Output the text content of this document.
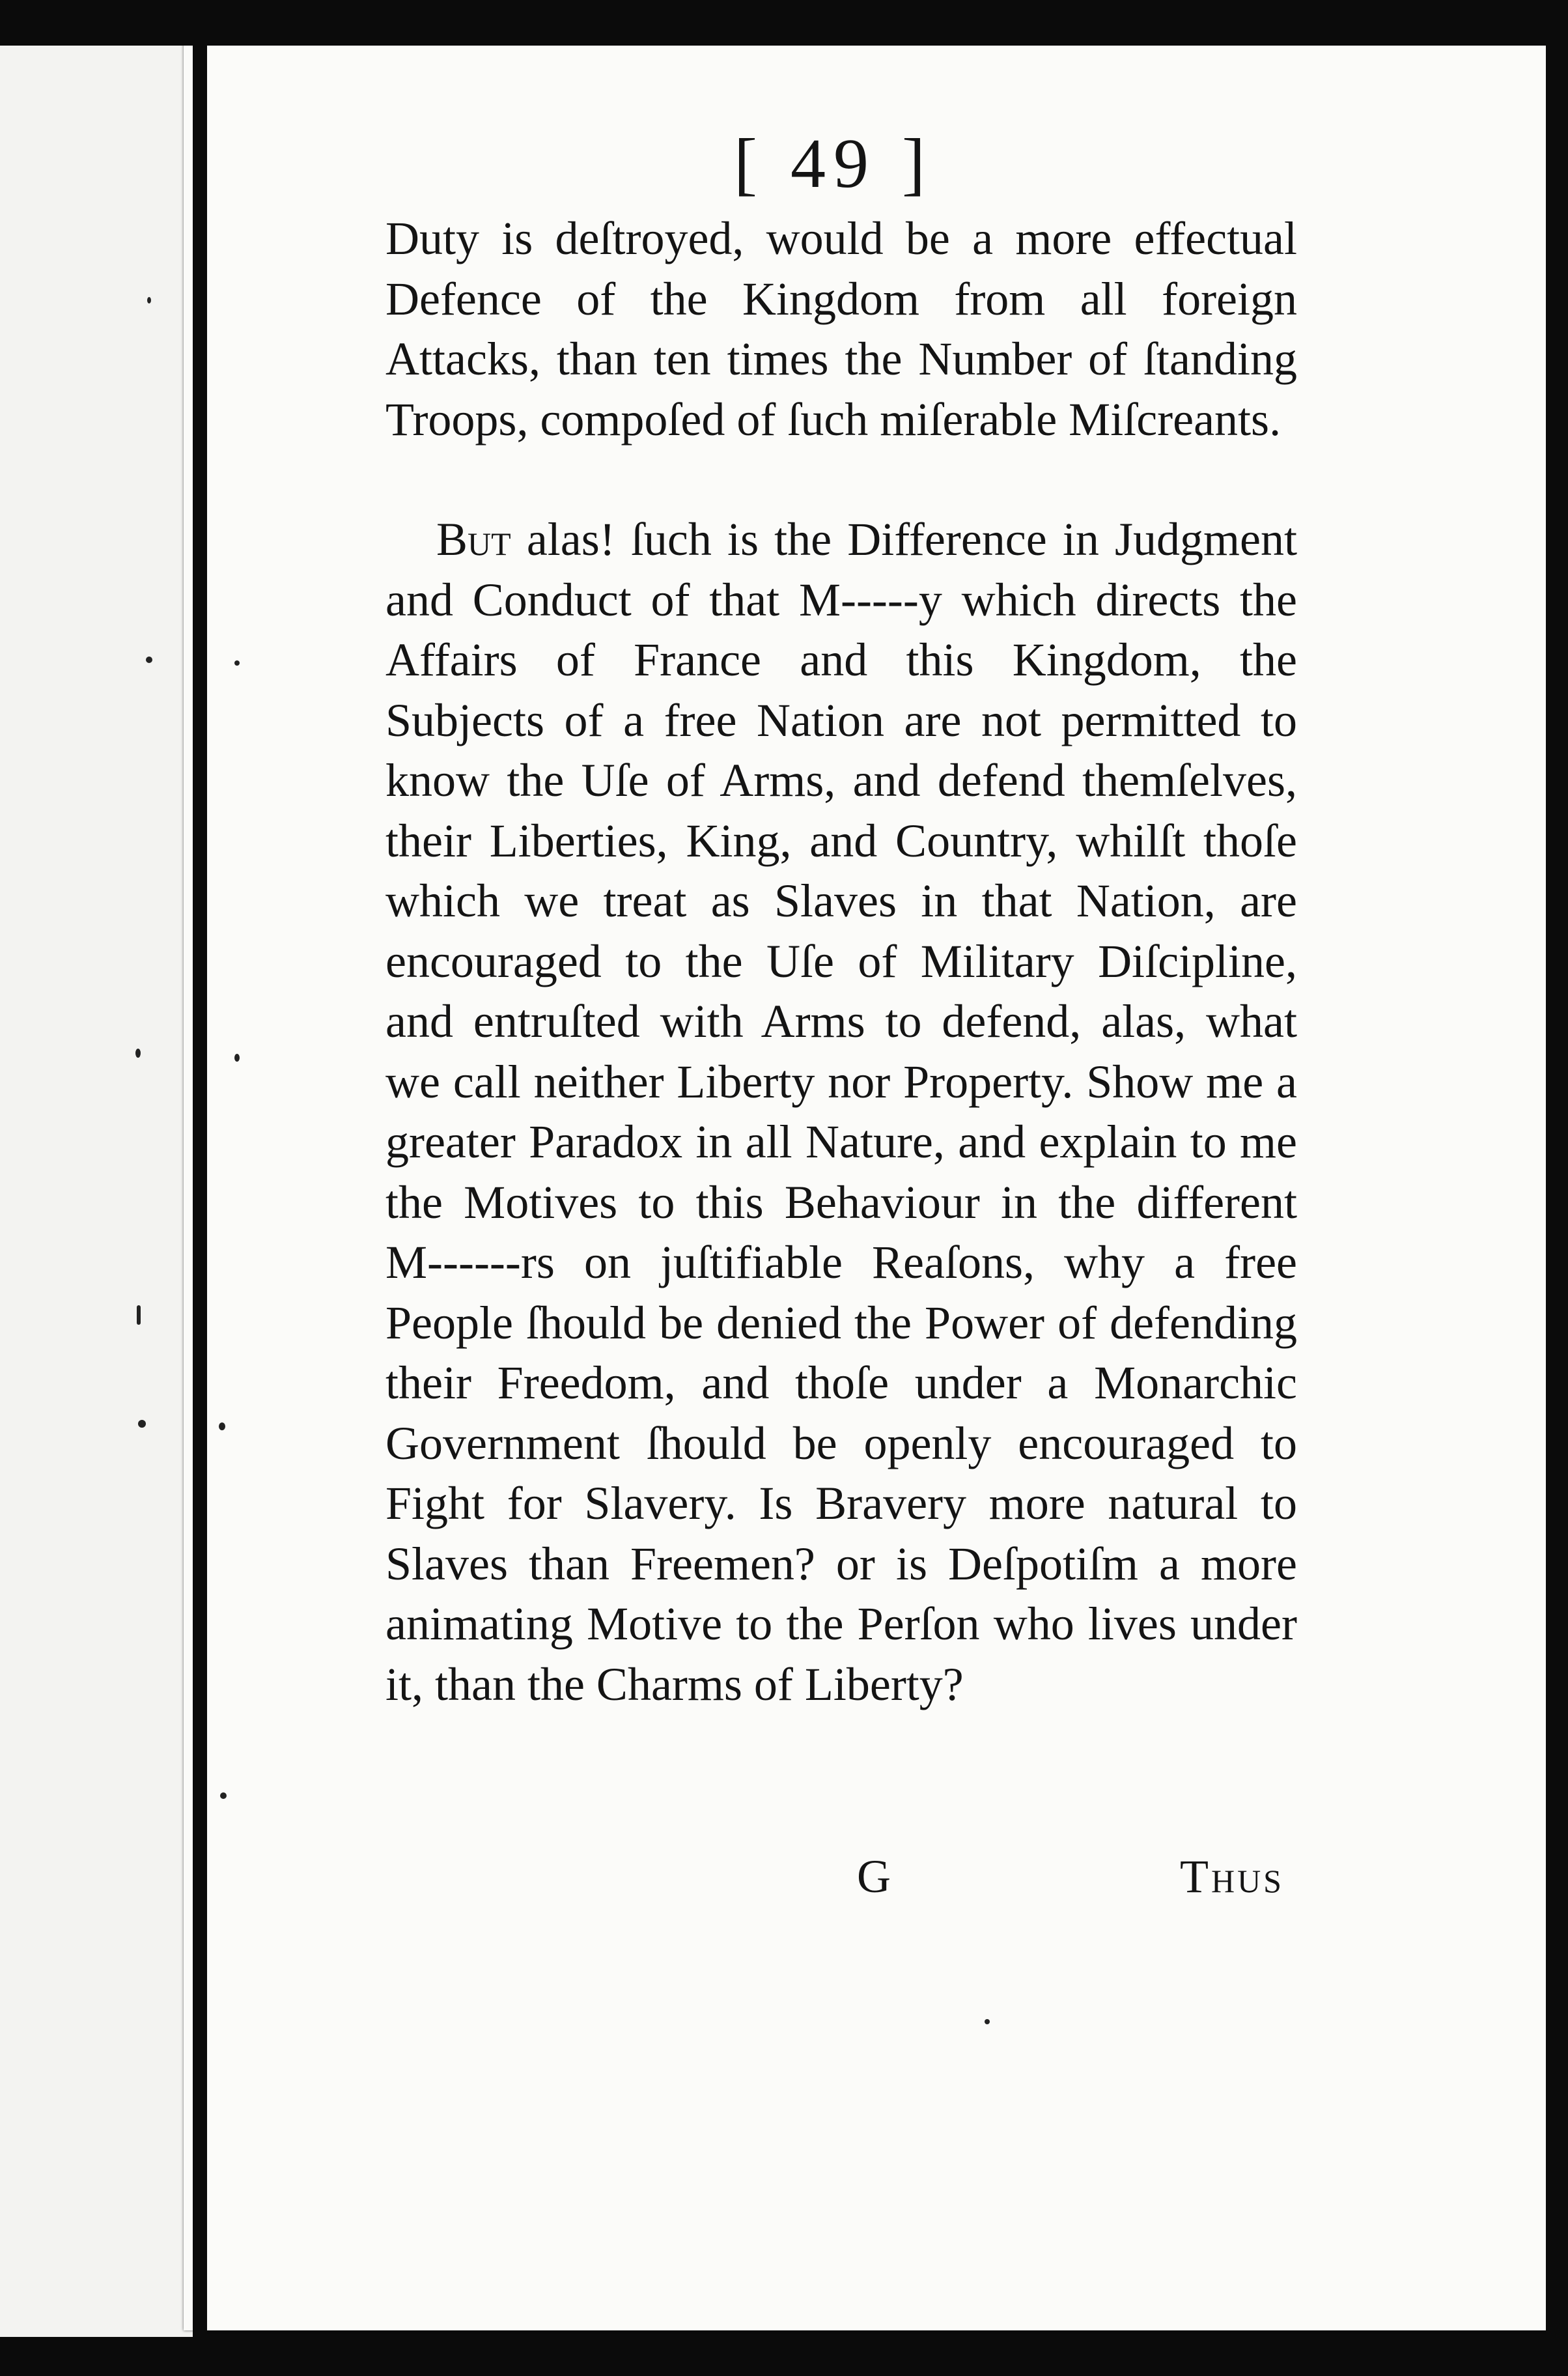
[ 49 ]

Duty is deſtroyed, would be a more effectual Defence of the Kingdom from all foreign Attacks, than ten times the Number of ſtanding Troops, compoſed of ſuch miſerable Miſcreants.

But alas! ſuch is the Difference in Judgment and Conduct of that M-----y which directs the Affairs of France and this Kingdom, the Subjects of a free Nation are not permitted to know the Uſe of Arms, and defend themſelves, their Liberties, King, and Country, whilſt thoſe which we treat as Slaves in that Nation, are encouraged to the Uſe of Military Diſcipline, and entruſted with Arms to defend, alas, what we call neither Liberty nor Property. Show me a greater Paradox in all Nature, and explain to me the Motives to this Behaviour in the different M------rs on juſtifiable Reaſons, why a free People ſhould be denied the Power of defending their Freedom, and thoſe under a Monarchic Government ſhould be openly encouraged to Fight for Slavery. Is Bravery more natural to Slaves than Freemen? or is Deſpotiſm a more animating Motive to the Perſon who lives under it, than the Charms of Liberty?

G	Thus
